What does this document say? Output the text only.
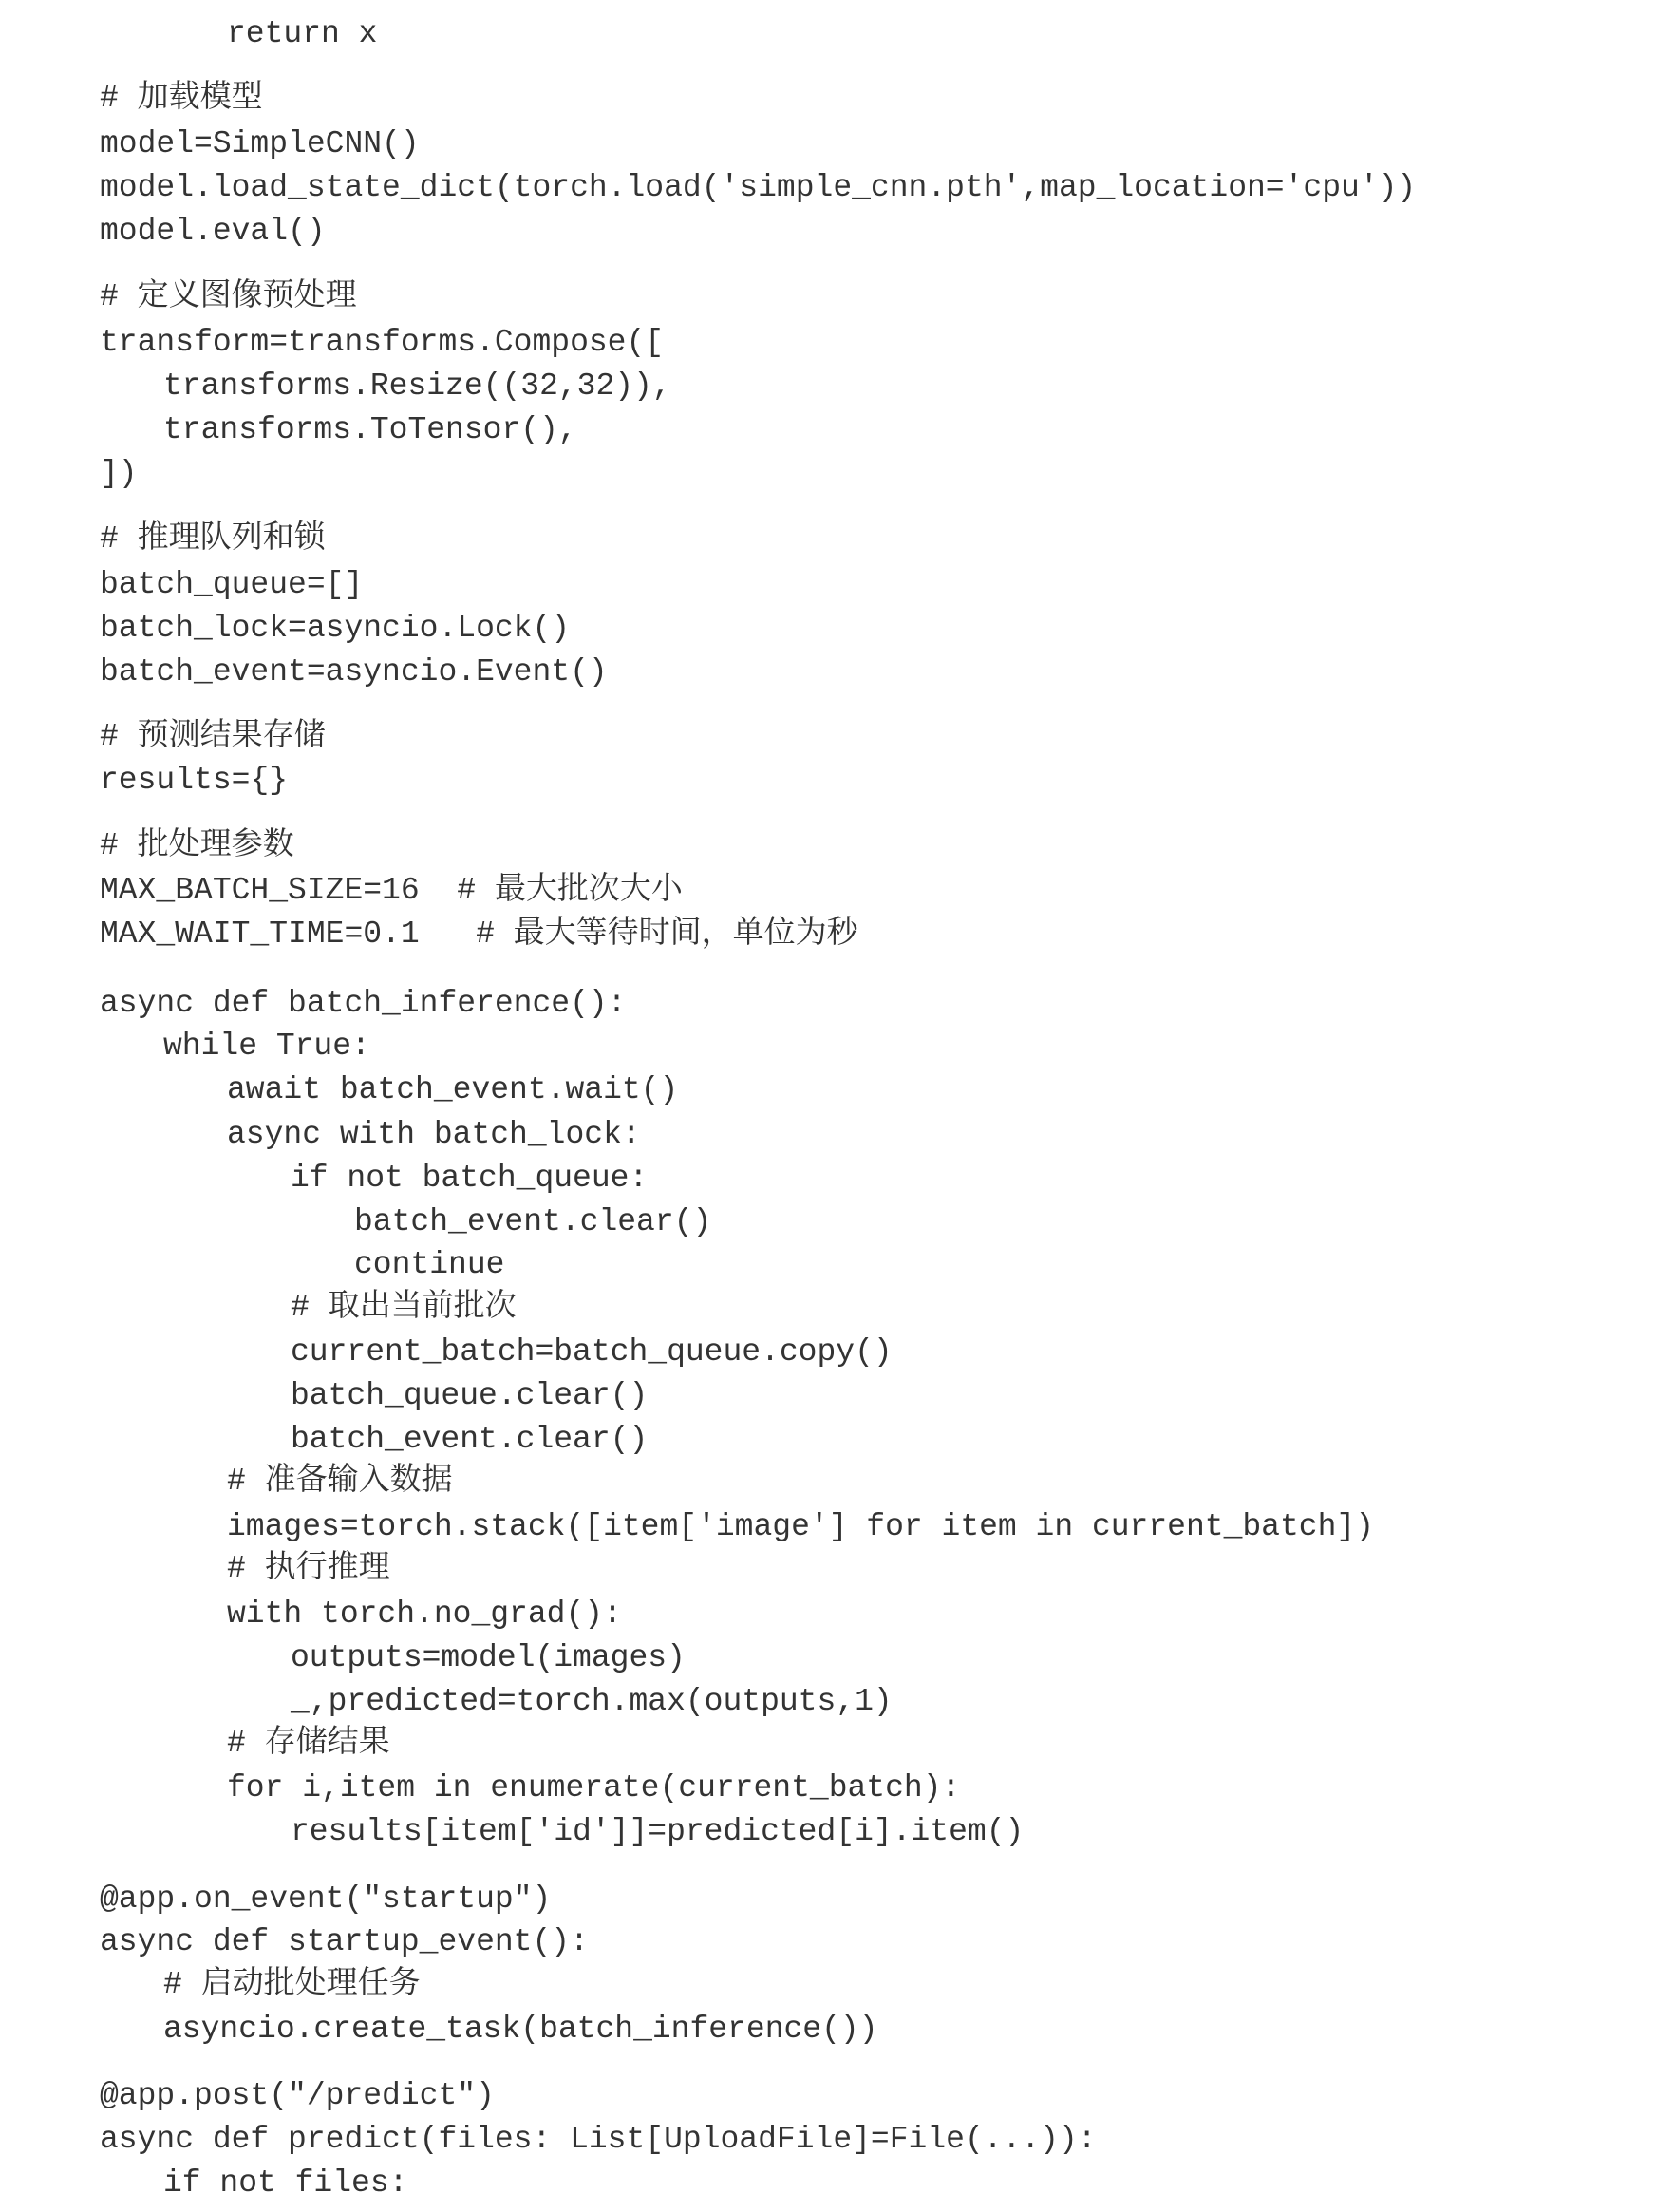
return x
# 加载模型
model=SimpleCNN()
model.load_state_dict(torch.load('simple_cnn.pth',map_location='cpu'))
model.eval()
# 定义图像预处理
transform=transforms.Compose([
transforms.Resize((32,32)),
transforms.ToTensor(),
])
# 推理队列和锁
batch_queue=[]
batch_lock=asyncio.Lock()
batch_event=asyncio.Event()
# 预测结果存储
results={}
# 批处理参数
MAX_BATCH_SIZE=16  # 最大批次大小
MAX_WAIT_TIME=0.1   # 最大等待时间，单位为秒
async def batch_inference():
while True:
await batch_event.wait()
async with batch_lock:
if not batch_queue:
batch_event.clear()
continue
# 取出当前批次
current_batch=batch_queue.copy()
batch_queue.clear()
batch_event.clear()
# 准备输入数据
images=torch.stack([item['image'] for item in current_batch])
# 执行推理
with torch.no_grad():
outputs=model(images)
_,predicted=torch.max(outputs,1)
# 存储结果
for i,item in enumerate(current_batch):
results[item['id']]=predicted[i].item()
@app.on_event("startup")
async def startup_event():
# 启动批处理任务
asyncio.create_task(batch_inference())
@app.post("/predict")
async def predict(files: List[UploadFile]=File(...)):
if not files:
